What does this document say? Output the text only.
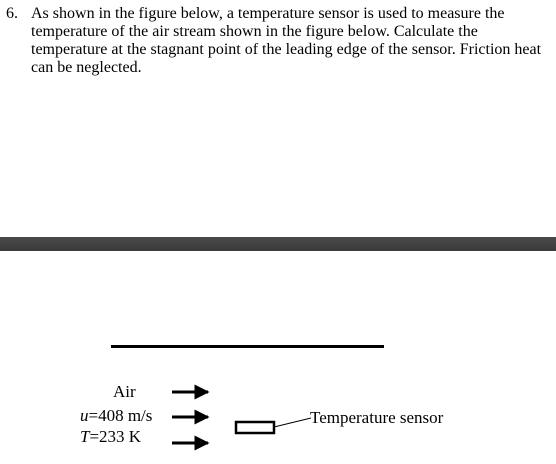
6. As shown in the figure below, a temperature sensor is used to measure the
temperature of the air stream shown in the figure below. Calculate the
temperature at the stagnant point of the leading edge of the sensor. Friction heat
can be neglected.
Air
u=408 m/s
T=233 K
Temperature sensor
